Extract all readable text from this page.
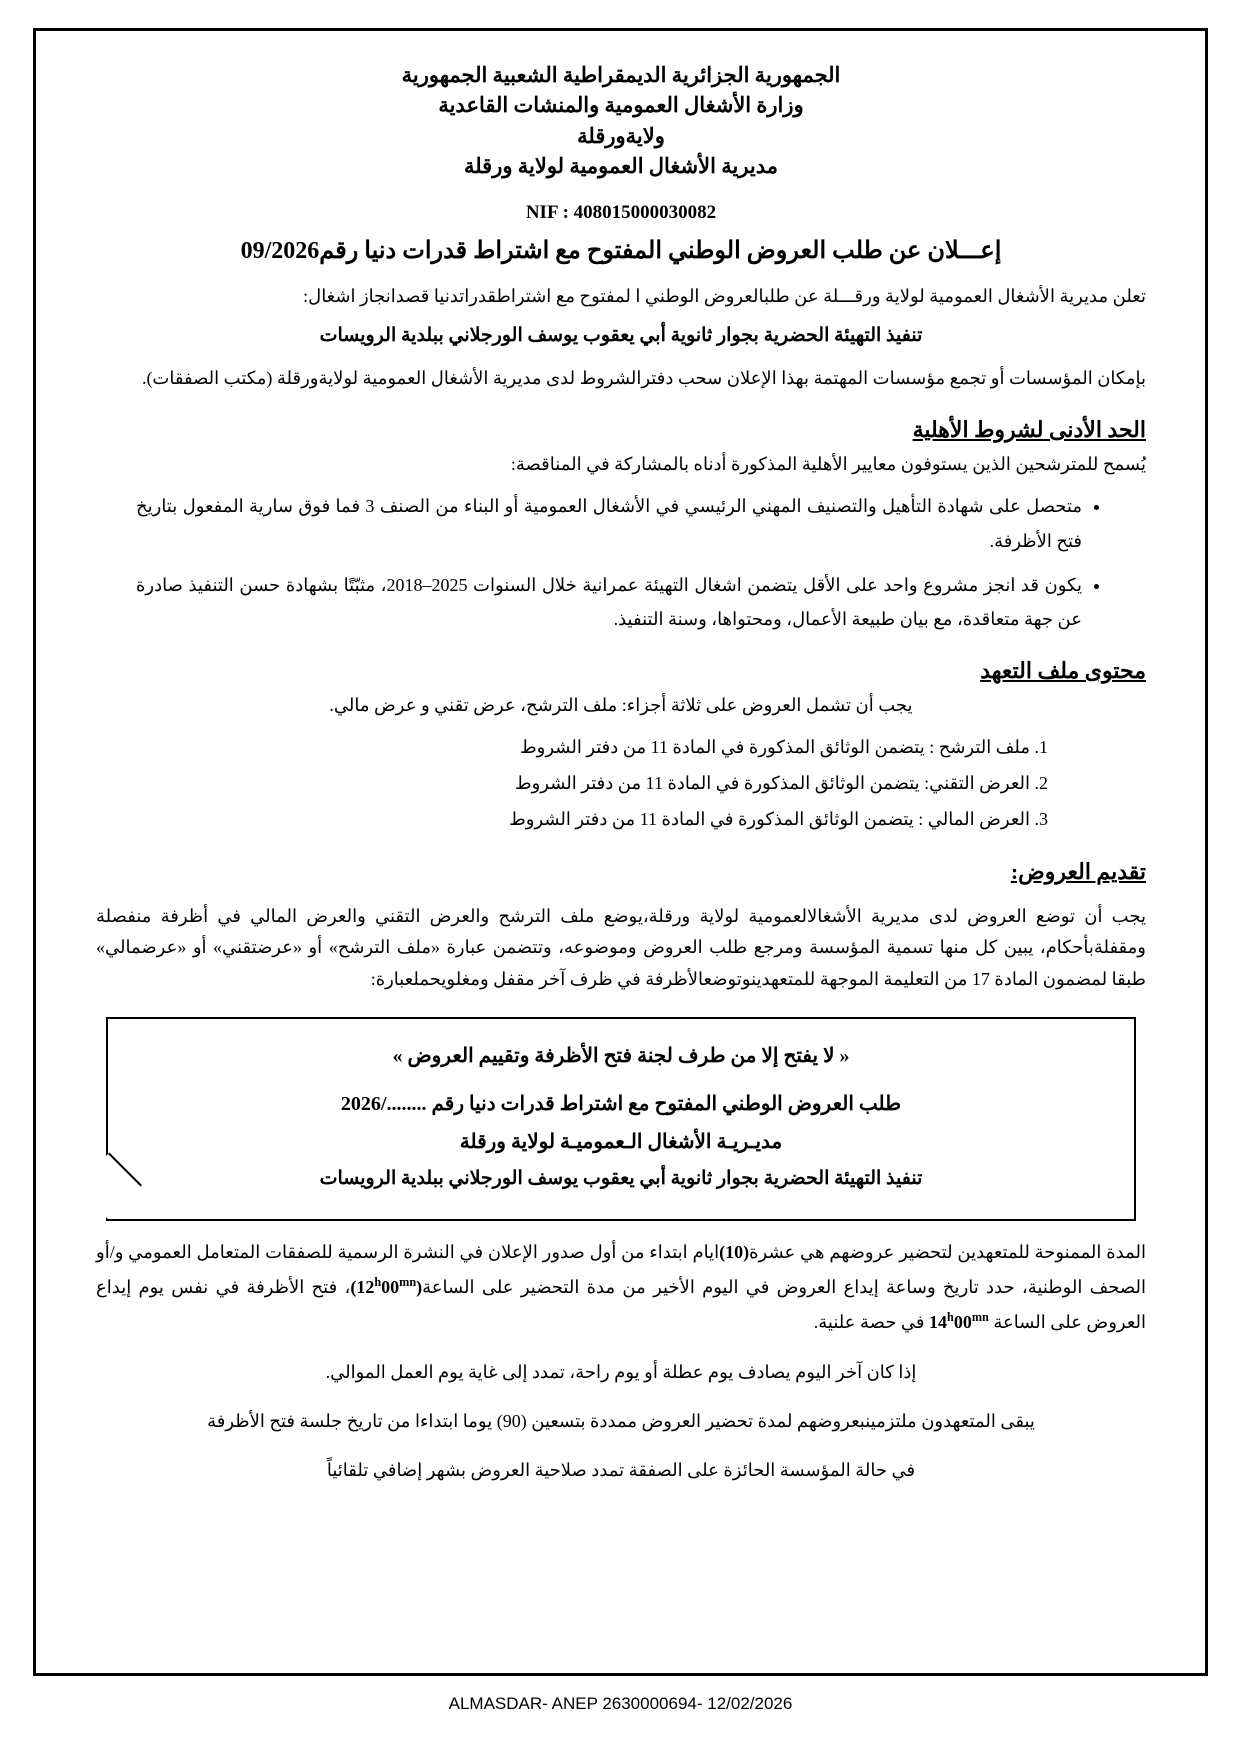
الجمهورية الجزائرية الديمقراطية الشعبية الجمهورية
وزارة الأشغال العمومية والمنشات القاعدية
ولايةورقلة
مديرية الأشغال العمومية لولاية ورقلة
NIF : 408015000030082
إعـــلان عن طلب العروض الوطني المفتوح مع اشتراط قدرات دنيا رقم09/2026

تعلن مديرية الأشغال العمومية لولاية ورقـــلة عن طلبالعروض الوطني ا لمفتوح مع اشتراطقدراتدنيا قصدانجاز اشغال:

تنفيذ التهيئة الحضرية بجوار ثانوية أبي يعقوب يوسف الورجلاني ببلدية الرويسات

بإمكان المؤسسات أو تجمع مؤسسات المهتمة بهذا الإعلان سحب دفترالشروط لدى مديرية الأشغال العمومية لولايةورقلة (مكتب الصفقات).

الحد الأدنى لشروط الأهلية

يُسمح للمترشحين الذين يستوفون معايير الأهلية المذكورة أدناه بالمشاركة في المناقصة:

• متحصل على شهادة التأهيل والتصنيف المهني الرئيسي في الأشغال العمومية أو البناء من الصنف 3 فما فوق سارية المفعول بتاريخ فتح الأظرفة.
• يكون قد انجز مشروع واحد على الأقل يتضمن اشغال التهيئة عمرانية خلال السنوات 2025–2018، مثبّتًا بشهادة حسن التنفيذ صادرة عن جهة متعاقدة، مع بيان طبيعة الأعمال، ومحتواها، وسنة التنفيذ.
محتوى ملف التعهد

يجب أن تشمل العروض على ثلاثة أجزاء: ملف الترشح، عرض تقني و عرض مالي.

1. ملف الترشح : يتضمن الوثائق المذكورة في المادة 11 من دفتر الشروط
2. العرض التقني: يتضمن الوثائق المذكورة في المادة 11 من دفتر الشروط
3. العرض المالي : يتضمن الوثائق المذكورة في المادة 11 من دفتر الشروط
تقديم العروض:

يجب أن توضع العروض لدى مديرية الأشغالالعمومية لولاية ورقلة،يوضع ملف الترشح والعرض التقني والعرض المالي في أظرفة منفصلة ومقفلةبأحكام، يبين كل منها تسمية المؤسسة ومرجع طلب العروض وموضوعه، وتتضمن عبارة «ملف الترشح» أو «عرضتقني» أو «عرضمالي» طبقا لمضمون المادة 17 من التعليمة الموجهة للمتعهدينوتوضعالأظرفة في ظرف آخر مقفل ومغلويحملعبارة:

« لا يفتح إلا من طرف لجنة فتح الأظرفة وتقييم العروض »
طلب العروض الوطني المفتوح مع اشتراط قدرات دنيا رقم ......../2026
مديـريـة الأشغال الـعموميـة لولاية ورقلة
تنفيذ التهيئة الحضرية بجوار ثانوية أبي يعقوب يوسف الورجلاني ببلدية الرويسات

المدة الممنوحة للمتعهدين لتحضير عروضهم هي عشرة(10)ايام ابتداء من أول صدور الإعلان في النشرة الرسمية للصفقات المتعامل العمومي و/أو الصحف الوطنية، حدد تاريخ وساعة إيداع العروض في اليوم الأخير من مدة التحضير على $الساعة(12^h00^{mn})،$ فتح الأظرفة في نفس يوم إيداع العروض على الساعة $14^h00^{mn}$ في حصة علنية.

إذا كان آخر اليوم يصادف يوم عطلة أو يوم راحة، تمدد إلى غاية يوم العمل الموالي.

يبقى المتعهدون ملتزمينبعروضهم لمدة تحضير العروض ممددة بتسعين (90) يوما ابتداءا من تاريخ جلسة فتح الأظرفة

في حالة المؤسسة الحائزة على الصفقة تمدد صلاحية العروض بشهر إضافي تلقائياً

ALMASDAR- ANEP 2630000694- 12/02/2026
